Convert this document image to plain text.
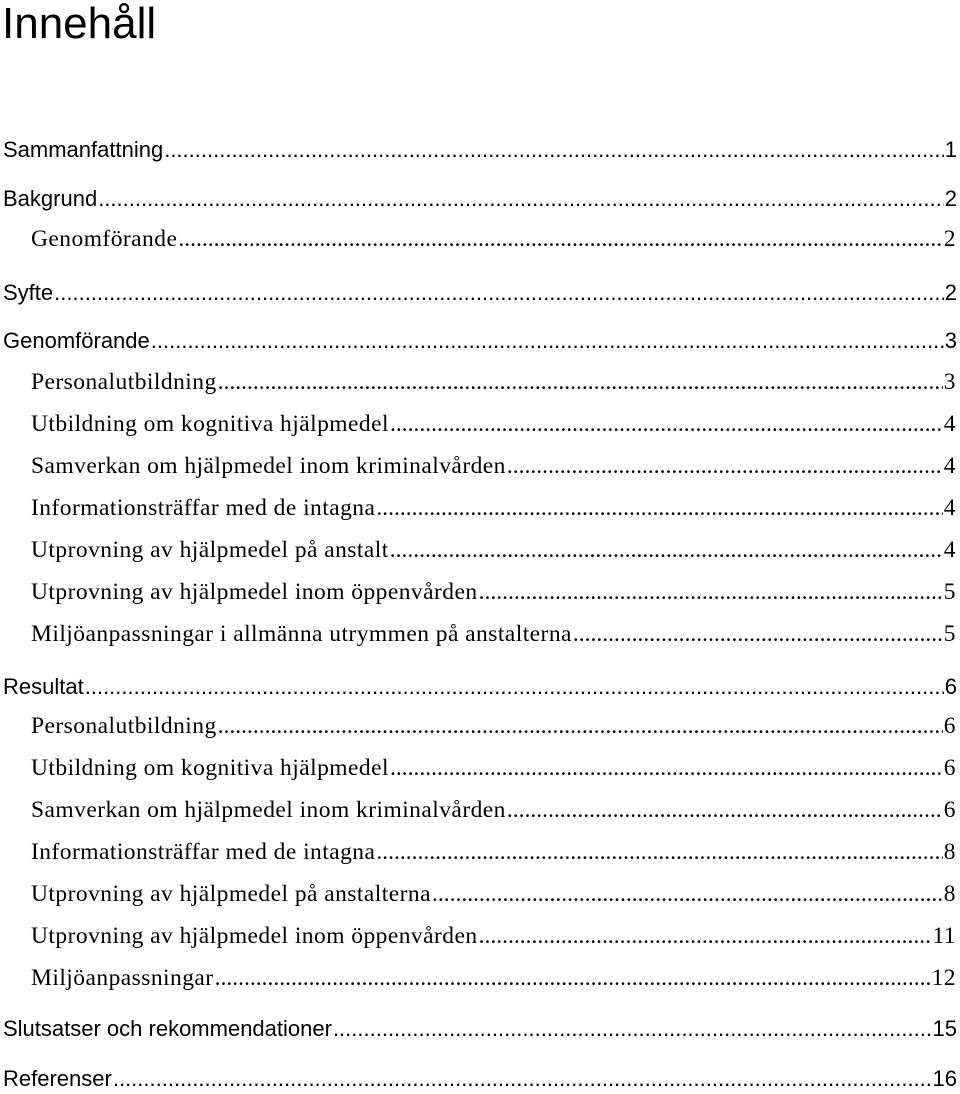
Innehåll
Sammanfattning .....	1
Bakgrund .....	2
Genomförande .....	2
Syfte .....	2
Genomförande .....	3
Personalutbildning .....	3
Utbildning om kognitiva hjälpmedel .....	4
Samverkan om hjälpmedel inom kriminalvården .....	4
Informationsträffar med de intagna .....	4
Utprovning av hjälpmedel på anstalt .....	4
Utprovning av hjälpmedel inom öppenvården .....	5
Miljöanpassningar i allmänna utrymmen på anstalterna .....	5
Resultat .....	6
Personalutbildning .....	6
Utbildning om kognitiva hjälpmedel .....	6
Samverkan om hjälpmedel inom kriminalvården .....	6
Informationsträffar med de intagna .....	8
Utprovning av hjälpmedel på anstalterna .....	8
Utprovning av hjälpmedel inom öppenvården .....	11
Miljöanpassningar .....	12
Slutsatser och rekommendationer .....	15
Referenser .....	16
